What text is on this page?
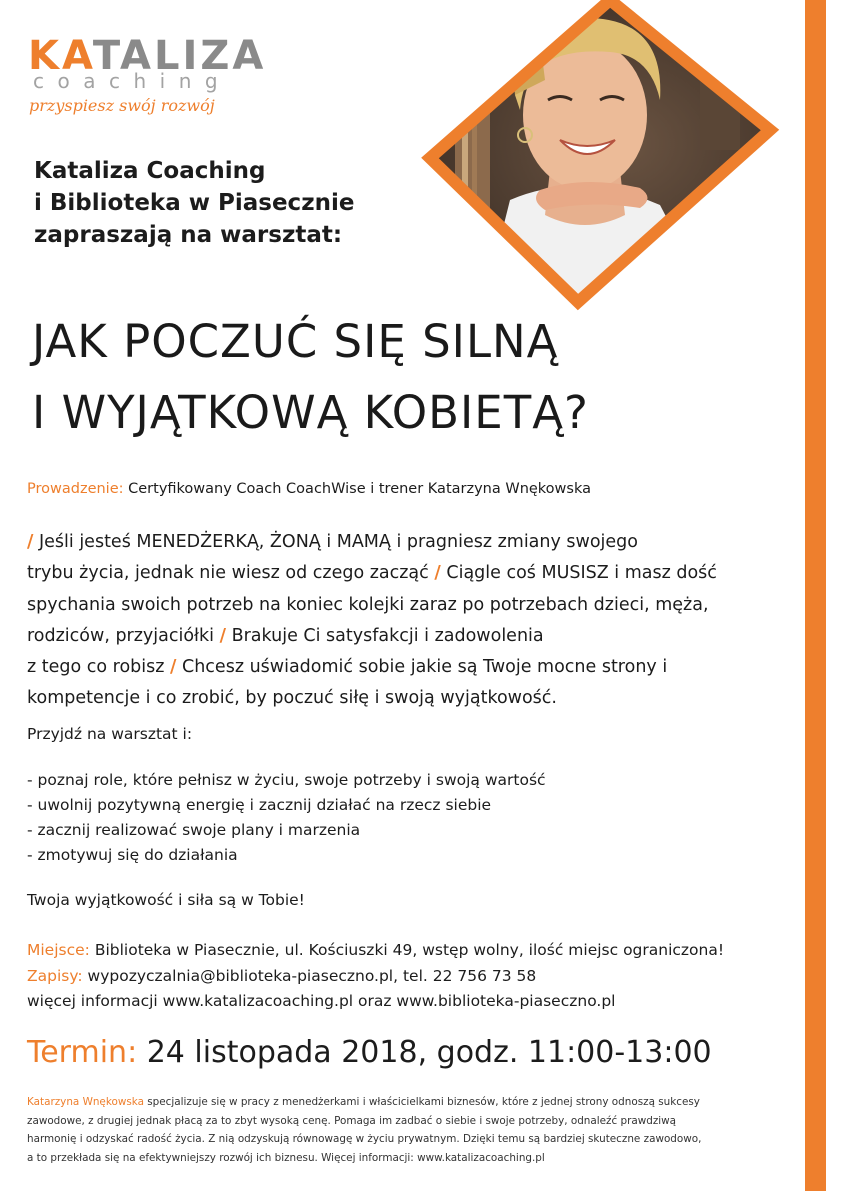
KATALIZA
coaching
przyspiesz swój rozwój
Kataliza Coaching
i Biblioteka w Piasecznie
zapraszają na warsztat:
JAK POCZUĆ SIĘ SILNĄ
I WYJĄTKOWĄ KOBIETĄ?
Prowadzenie: Certyfikowany Coach CoachWise i trener Katarzyna Wnękowska
/ Jeśli jesteś MENEDŻERKĄ, ŻONĄ i MAMĄ i pragniesz zmiany swojego
trybu życia, jednak nie wiesz od czego zacząć / Ciągle coś MUSISZ i masz dość
spychania swoich potrzeb na koniec kolejki zaraz po potrzebach dzieci, męża,
rodziców, przyjaciółki / Brakuje Ci satysfakcji i zadowolenia
z tego co robisz / Chcesz uświadomić sobie jakie są Twoje mocne strony i
kompetencje i co zrobić, by poczuć siłę i swoją wyjątkowość.
Przyjdź na warsztat i:
- poznaj role, które pełnisz w życiu, swoje potrzeby i swoją wartość
- uwolnij pozytywną energię i zacznij działać na rzecz siebie
- zacznij realizować swoje plany i marzenia
- zmotywuj się do działania
Twoja wyjątkowość i siła są w Tobie!
Miejsce: Biblioteka w Piasecznie, ul. Kościuszki 49, wstęp wolny, ilość miejsc ograniczona!
Zapisy: wypozyczalnia@biblioteka-piaseczno.pl, tel. 22 756 73 58
więcej informacji www.katalizacoaching.pl oraz www.biblioteka-piaseczno.pl
Termin: 24 listopada 2018, godz. 11:00-13:00
Katarzyna Wnękowska specjalizuje się w pracy z menedżerkami i właścicielkami biznesów, które z jednej strony odnoszą sukcesy
zawodowe, z drugiej jednak płacą za to zbyt wysoką cenę. Pomaga im zadbać o siebie i swoje potrzeby, odnaleźć prawdziwą
harmonię i odzyskać radość życia. Z nią odzyskują równowagę w życiu prywatnym. Dzięki temu są bardziej skuteczne zawodowo,
a to przekłada się na efektywniejszy rozwój ich biznesu. Więcej informacji: www.katalizacoaching.pl
